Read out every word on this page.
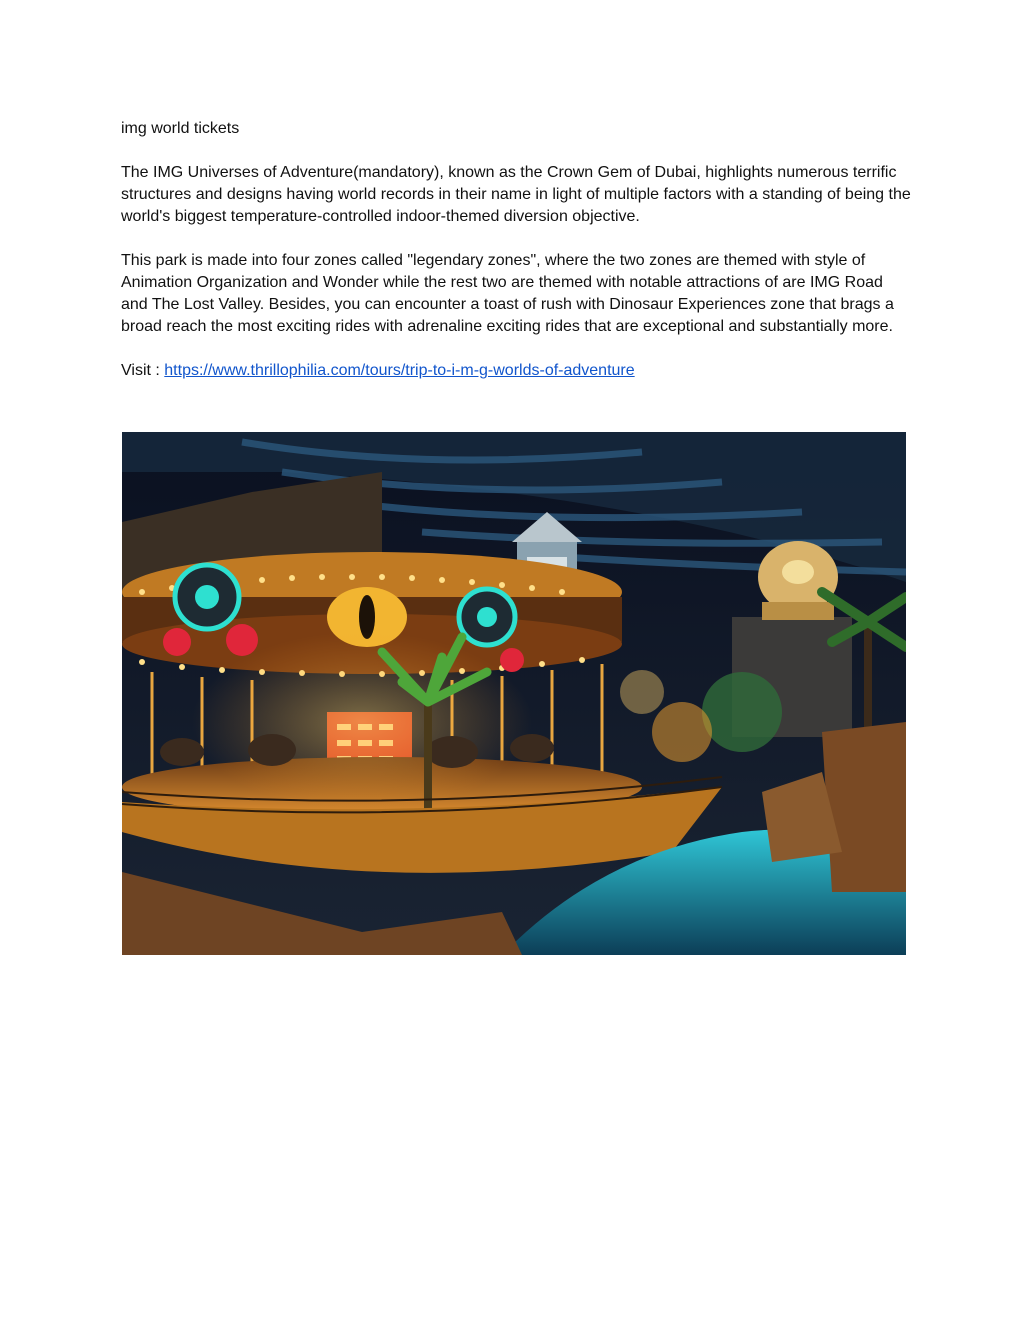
img world tickets

The IMG Universes of Adventure(mandatory), known as the Crown Gem of Dubai, highlights numerous terrific structures and designs having world records in their name in light of multiple factors with a standing of being the world's biggest temperature-controlled indoor-themed diversion objective.

This park is made into four zones called "legendary zones", where the two zones are themed with style of Animation Organization and Wonder while the rest two are themed with notable attractions of are IMG Road and The Lost Valley. Besides, you can encounter a toast of rush with Dinosaur Experiences zone that brags a broad reach the most exciting rides with adrenaline exciting rides that are exceptional and substantially more.

Visit : https://www.thrillophilia.com/tours/trip-to-i-m-g-worlds-of-adventure
